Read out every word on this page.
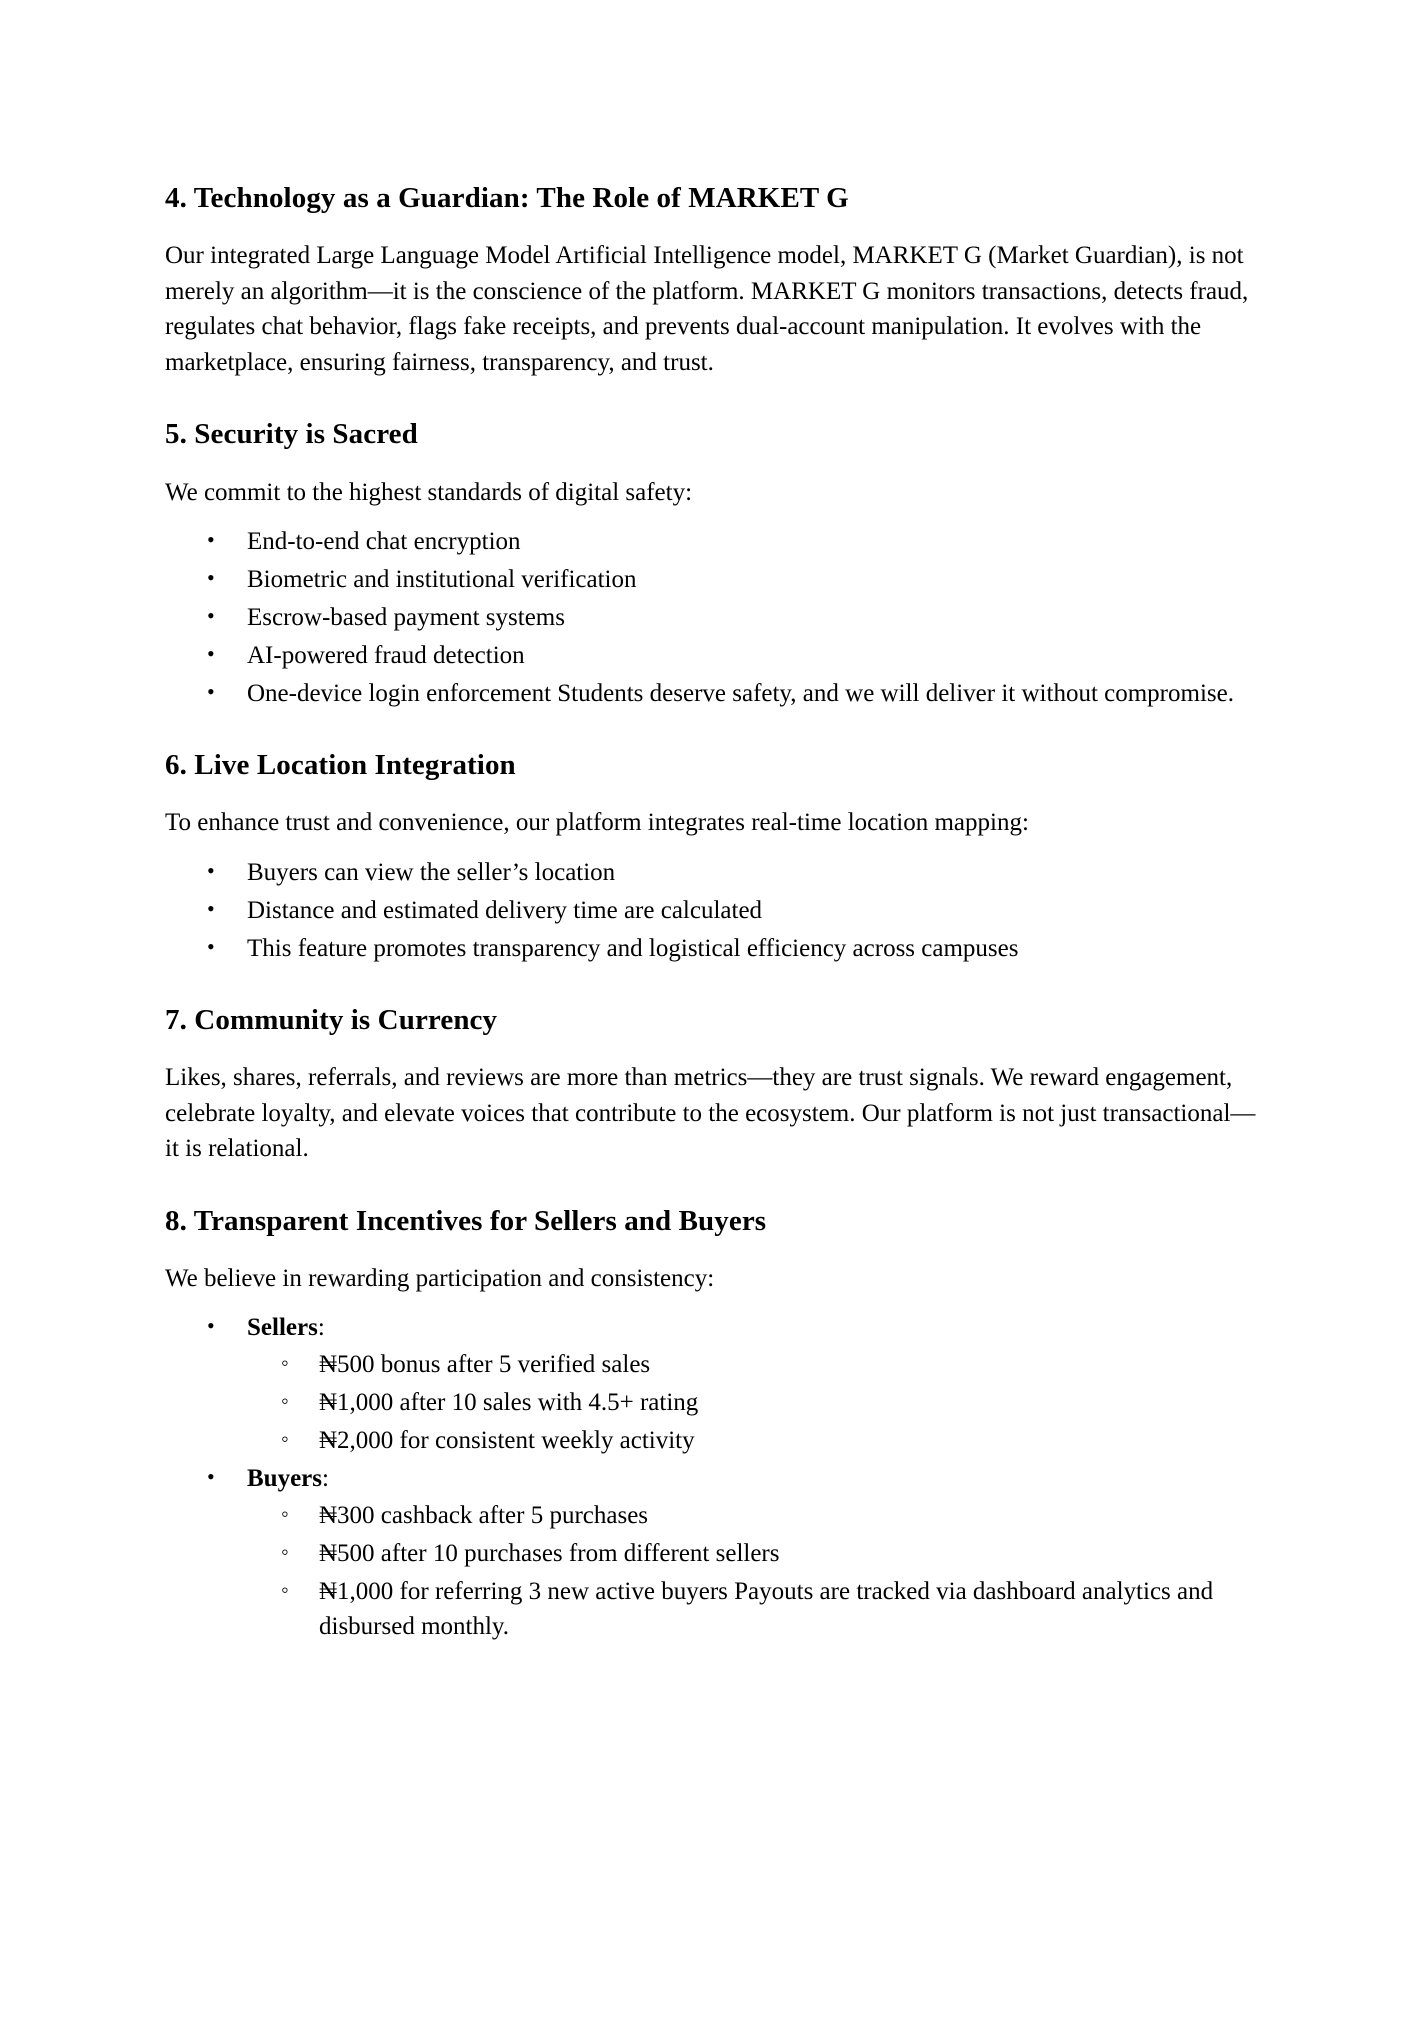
4. Technology as a Guardian: The Role of MARKET G

Our integrated Large Language Model Artificial Intelligence model, MARKET G (Market Guardian), is not merely an algorithm—it is the conscience of the platform. MARKET G monitors transactions, detects fraud, regulates chat behavior, flags fake receipts, and prevents dual-account manipulation. It evolves with the marketplace, ensuring fairness, transparency, and trust.

5. Security is Sacred

We commit to the highest standards of digital safety:

• End-to-end chat encryption
• Biometric and institutional verification
• Escrow-based payment systems
• AI-powered fraud detection
• One-device login enforcement Students deserve safety, and we will deliver it without compromise.
6. Live Location Integration

To enhance trust and convenience, our platform integrates real-time location mapping:

• Buyers can view the seller’s location
• Distance and estimated delivery time are calculated
• This feature promotes transparency and logistical efficiency across campuses
7. Community is Currency

Likes, shares, referrals, and reviews are more than metrics—they are trust signals. We reward engagement, celebrate loyalty, and elevate voices that contribute to the ecosystem. Our platform is not just transactional—it is relational.

8. Transparent Incentives for Sellers and Buyers

We believe in rewarding participation and consistency:

• Sellers:
◦ ₦500 bonus after 5 verified sales
◦ ₦1,000 after 10 sales with 4.5+ rating
◦ ₦2,000 for consistent weekly activity
• Buyers:
◦ ₦300 cashback after 5 purchases
◦ ₦500 after 10 purchases from different sellers
◦ ₦1,000 for referring 3 new active buyers Payouts are tracked via dashboard analytics and disbursed monthly.
